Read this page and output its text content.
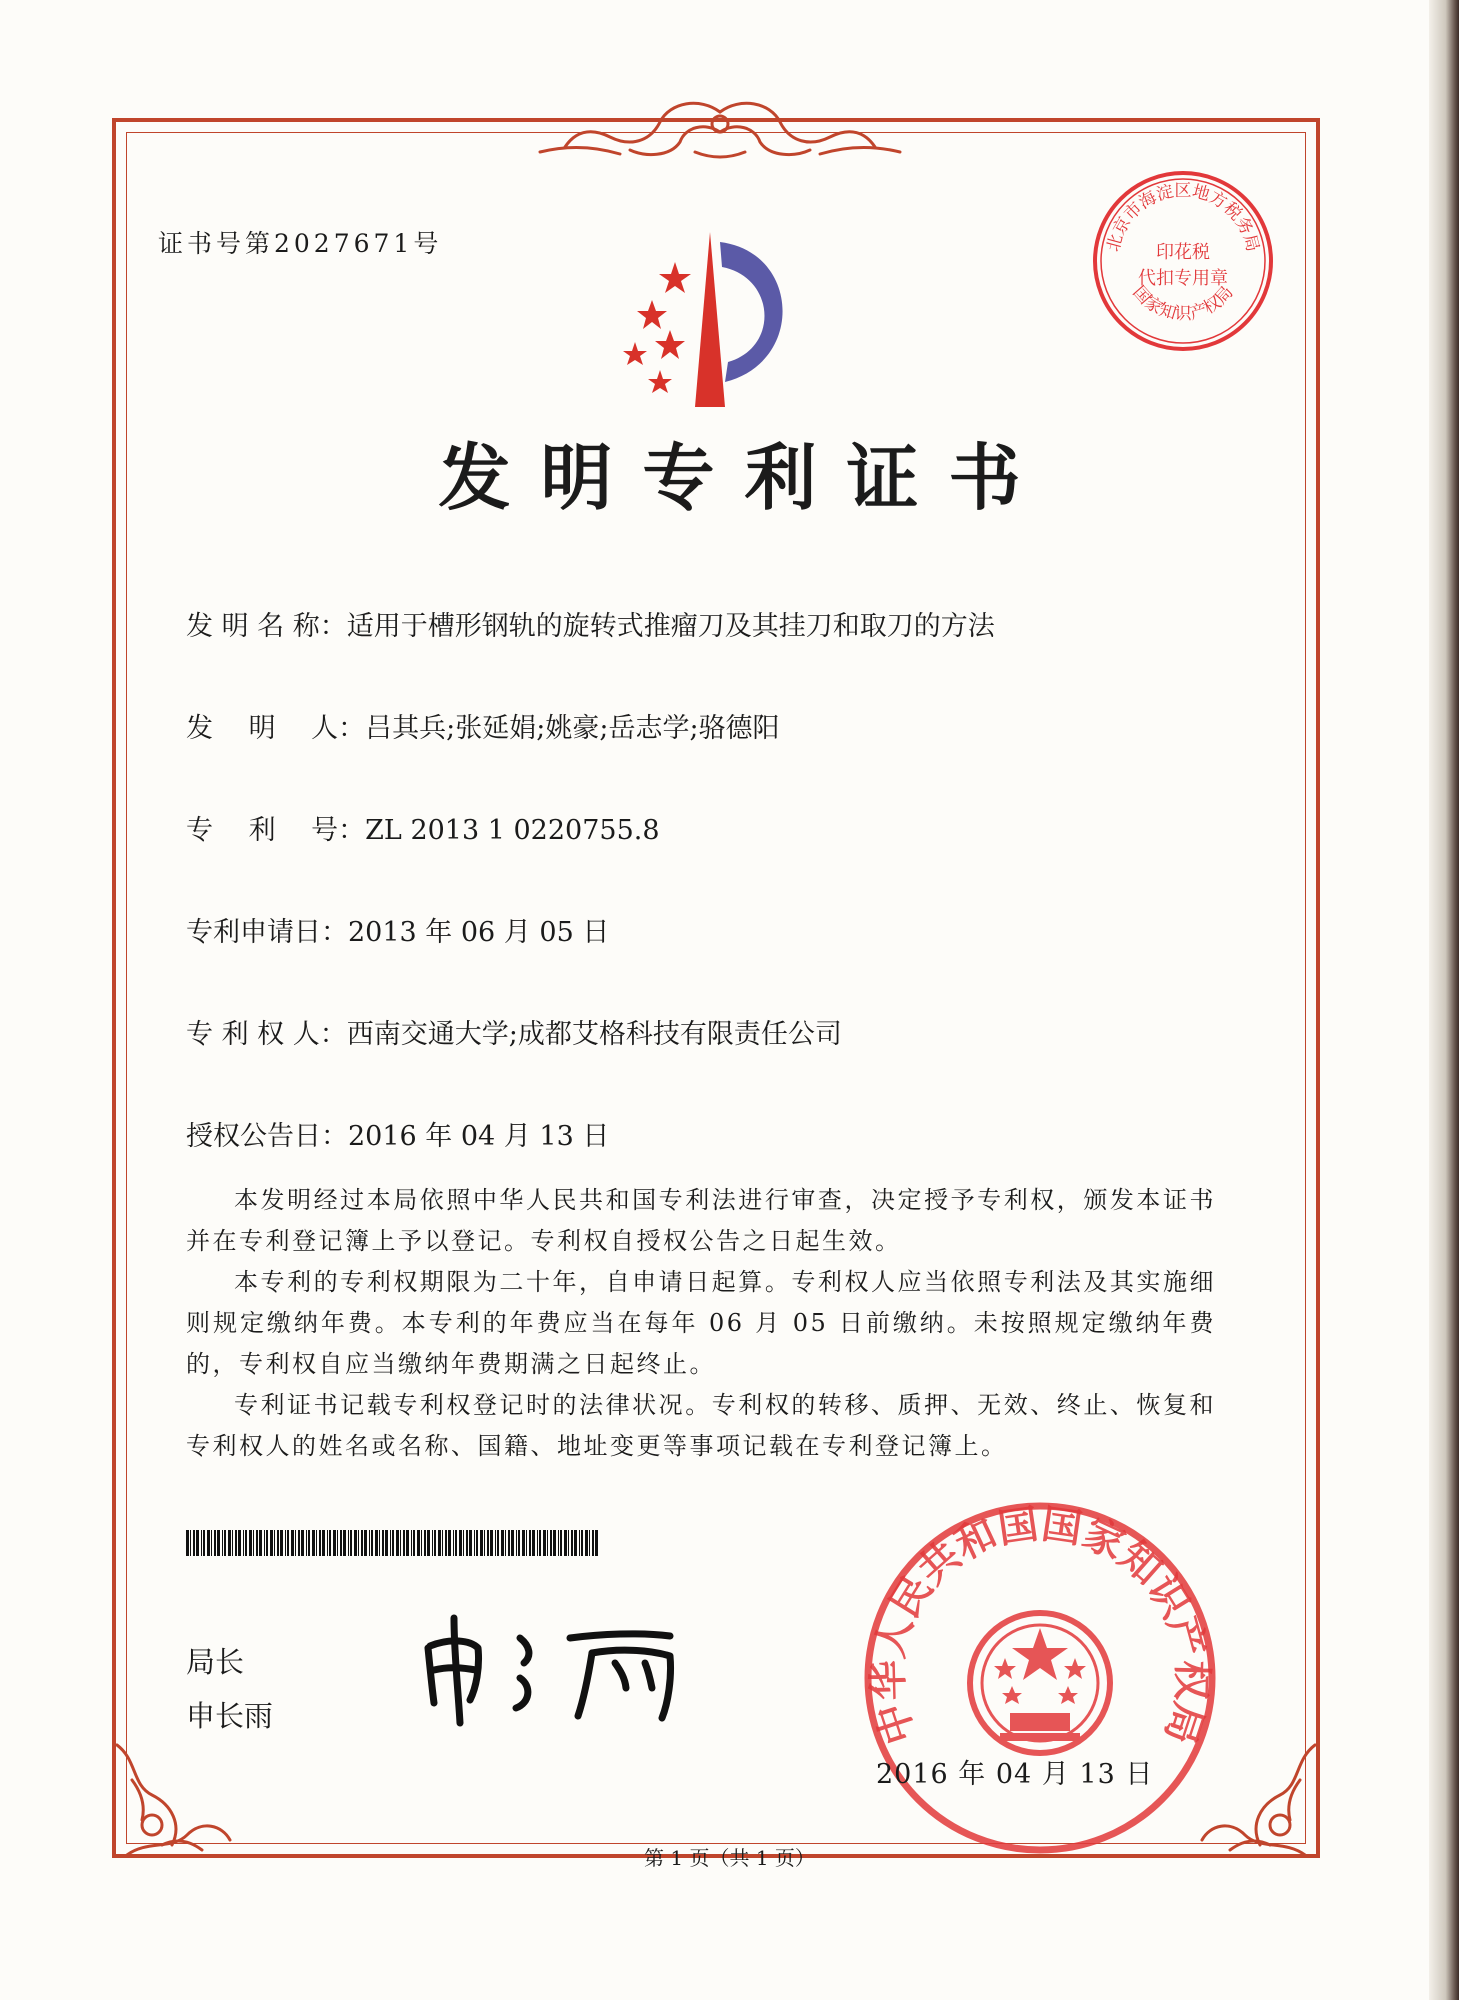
证书号第2027671号
发明专利证书
发 明 名 称：适用于槽形钢轨的旋转式推瘤刀及其挂刀和取刀的方法
发　 明　 人：吕其兵;张延娟;姚豪;岳志学;骆德阳
专　 利　 号：ZL 2013 1 0220755.8
专利申请日：2013 年 06 月 05 日
专 利 权 人：西南交通大学;成都艾格科技有限责任公司
授权公告日：2016 年 04 月 13 日

本发明经过本局依照中华人民共和国专利法进行审查，决定授予专利权，颁发本证书并在专利登记簿上予以登记。专利权自授权公告之日起生效。

本专利的专利权期限为二十年，自申请日起算。专利权人应当依照专利法及其实施细则规定缴纳年费。本专利的年费应当在每年 06 月 05 日前缴纳。未按照规定缴纳年费的，专利权自应当缴纳年费期满之日起终止。

专利证书记载专利权登记时的法律状况。专利权的转移、质押、无效、终止、恢复和专利权人的姓名或名称、国籍、地址变更等事项记载在专利登记簿上。

局长
申长雨
北京市海淀区地方税务局
印花税
代扣专用章
国家知识产权局
中华人民共和国国家知识产权局
2016 年 04 月 13 日
第 1 页（共 1 页）
